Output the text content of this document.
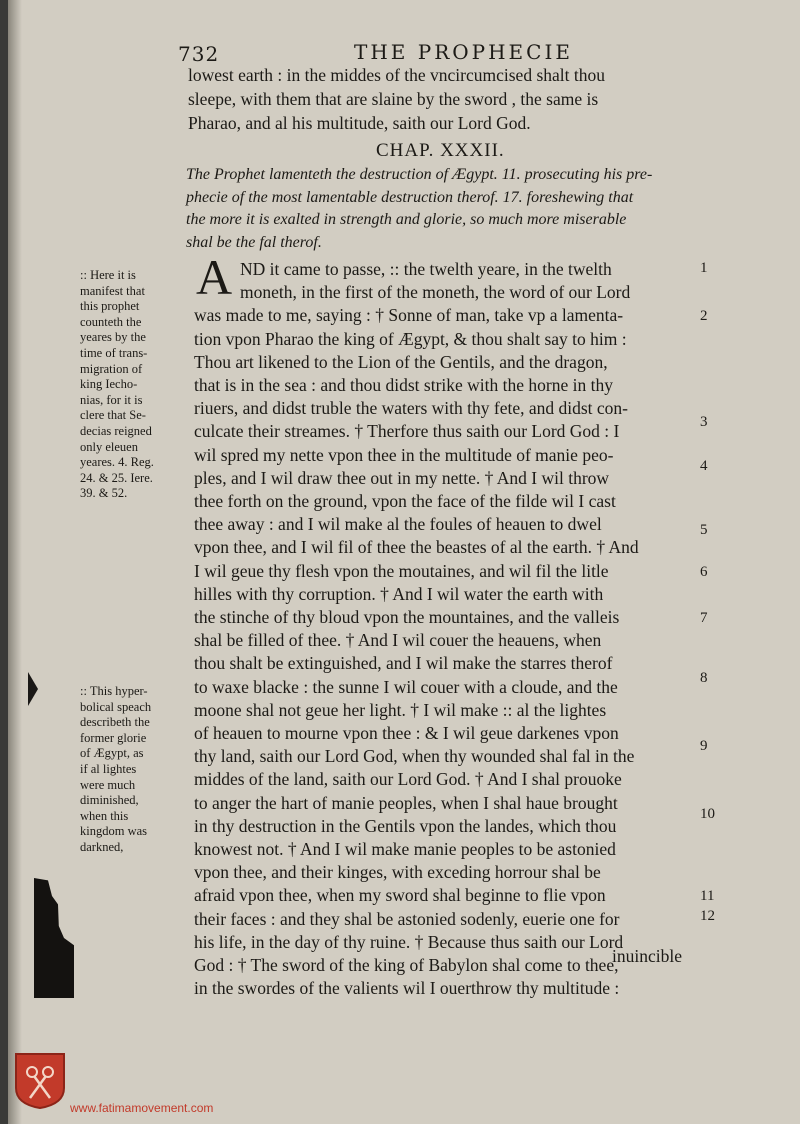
732	THE PROPHECIE
lowest earth : in the middes of the vncircumcised shalt thou
sleepe, with them that are slaine by the sword , the same is
Pharao, and al his multitude, saith our Lord God.
CHAP. XXXII.
The Prophet lamenteth the destruction of Ægypt. 11. prosecuting his pre-
phecie of the most lamentable destruction therof. 17. foreshewing that
the more it is exalted in strength and glorie, so much more miserable
shal be the fal therof.
A ND it came to passe, :: the twelth yeare, in the twelth
moneth, in the first of the moneth, the word of our Lord
was made to me, saying : † Sonne of man, take vp a lamenta-
tion vpon Pharao the king of Ægypt, & thou shalt say to him :
Thou art likened to the Lion of the Gentils, and the dragon,
that is in the sea : and thou didst strike with the horne in thy
riuers, and didst truble the waters with thy fete, and didst con-
culcate their streames. † Therfore thus saith our Lord God : I
wil spred my nette vpon thee in the multitude of manie peo-
ples, and I wil draw thee out in my nette. † And I wil throw
thee forth on the ground, vpon the face of the filde wil I cast
thee away : and I wil make al the foules of heauen to dwel
vpon thee, and I wil fil of thee the beastes of al the earth. † And
I wil geue thy flesh vpon the moutaines, and wil fil the litle
hilles with thy corruption. † And I wil water the earth with
the stinche of thy bloud vpon the mountaines, and the valleis
shal be filled of thee. † And I wil couer the heauens, when
thou shalt be extinguished, and I wil make the starres therof
to waxe blacke : the sunne I wil couer with a cloude, and the
moone shal not geue her light. † I wil make :: al the lightes
of heauen to mourne vpon thee : & I wil geue darkenes vpon
thy land, saith our Lord God, when thy wounded shal fal in the
middes of the land, saith our Lord God. † And I shal prouoke
to anger the hart of manie peoples, when I shal haue brought
in thy destruction in the Gentils vpon the landes, which thou
knowest not. † And I wil make manie peoples to be astonied
vpon thee, and their kinges, with exceding horrour shal be
afraid vpon thee, when my sword shal beginne to flie vpon
their faces : and they shal be astonied sodenly, euerie one for
his life, in the day of thy ruine. † Because thus saith our Lord
God : † The sword of the king of Babylon shal come to thee,
in the swordes of the valients wil I ouerthrow thy multitude :
inuincible
:: Here it is
manifest that
this prophet
counteth the
yeares by the
time of trans-
migration of
king Iecho-
nias, for it is
clere that Se-
decias reigned
only eleuen
yeares. 4. Reg.
24. & 25. Iere.
39. & 52.
:: This hyper-
bolical speach
describeth the
former glorie
of Ægypt, as
if al lightes
were much
diminished,
when this
kingdom was
darkned,
1
2
3
4
5
6
7
8
9
10
11
12
www.fatimamovement.com
